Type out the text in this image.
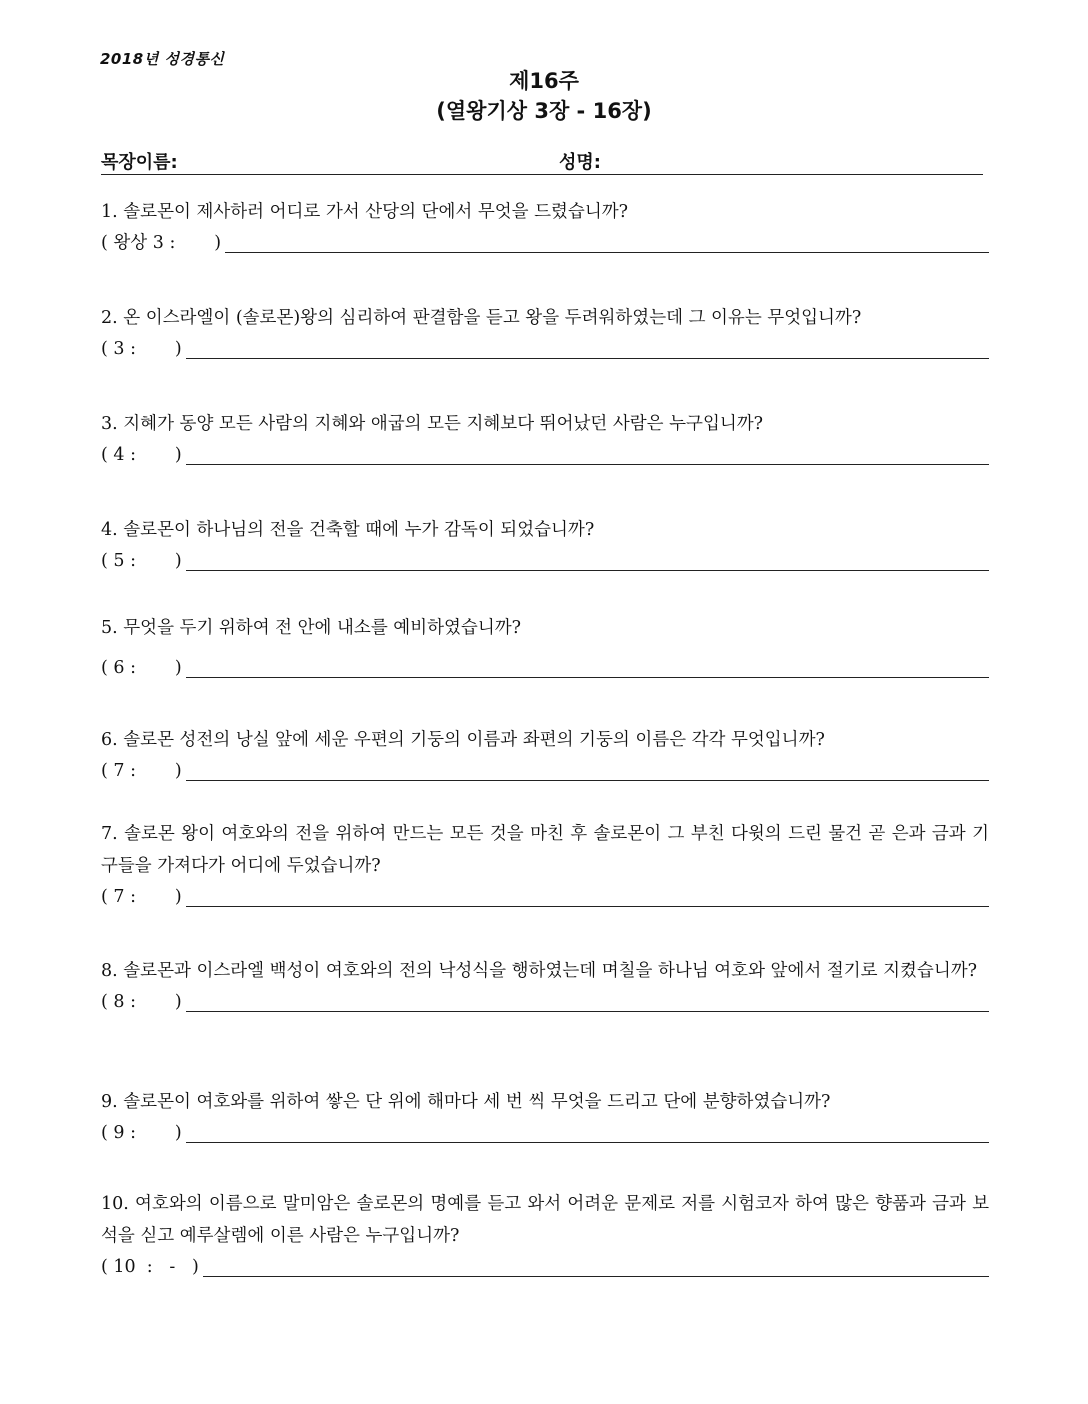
2018년 성경통신
제16주
(열왕기상 3장 - 16장)
목장이름:	성명:
1. 솔로몬이 제사하러 어디로 가서 산당의 단에서 무엇을 드렸습니까?
( 왕상 3 :       )
2. 온 이스라엘이 (솔로몬)왕의 심리하여 판결함을 듣고 왕을 두려워하였는데 그 이유는 무엇입니까?
( 3 :       )
3. 지혜가 동양 모든 사람의 지혜와 애굽의 모든 지혜보다 뛰어났던 사람은 누구입니까?
( 4 :       )
4. 솔로몬이 하나님의 전을 건축할 때에 누가 감독이 되었습니까?
( 5 :       )
5. 무엇을 두기 위하여 전 안에 내소를 예비하였습니까?
( 6 :       )
6. 솔로몬 성전의 낭실 앞에 세운 우편의 기둥의 이름과 좌편의 기둥의 이름은 각각 무엇입니까?
( 7 :       )
7. 솔로몬 왕이 여호와의 전을 위하여 만드는 모든 것을 마친 후 솔로몬이 그 부친 다윗의 드린 물건 곧 은과 금과 기구들을 가져다가 어디에 두었습니까?
( 7 :       )
8. 솔로몬과 이스라엘 백성이 여호와의 전의 낙성식을 행하였는데 며칠을 하나님 여호와 앞에서 절기로 지켰습니까?
( 8 :       )
9. 솔로몬이 여호와를 위하여 쌓은 단 위에 해마다 세 번 씩 무엇을 드리고 단에 분향하였습니까?
( 9 :       )
10. 여호와의 이름으로 말미암은 솔로몬의 명예를 듣고 와서 어려운 문제로 저를 시험코자 하여 많은 향품과 금과 보석을 싣고 예루살렘에 이른 사람은 누구입니까?
( 10  :   -   )
